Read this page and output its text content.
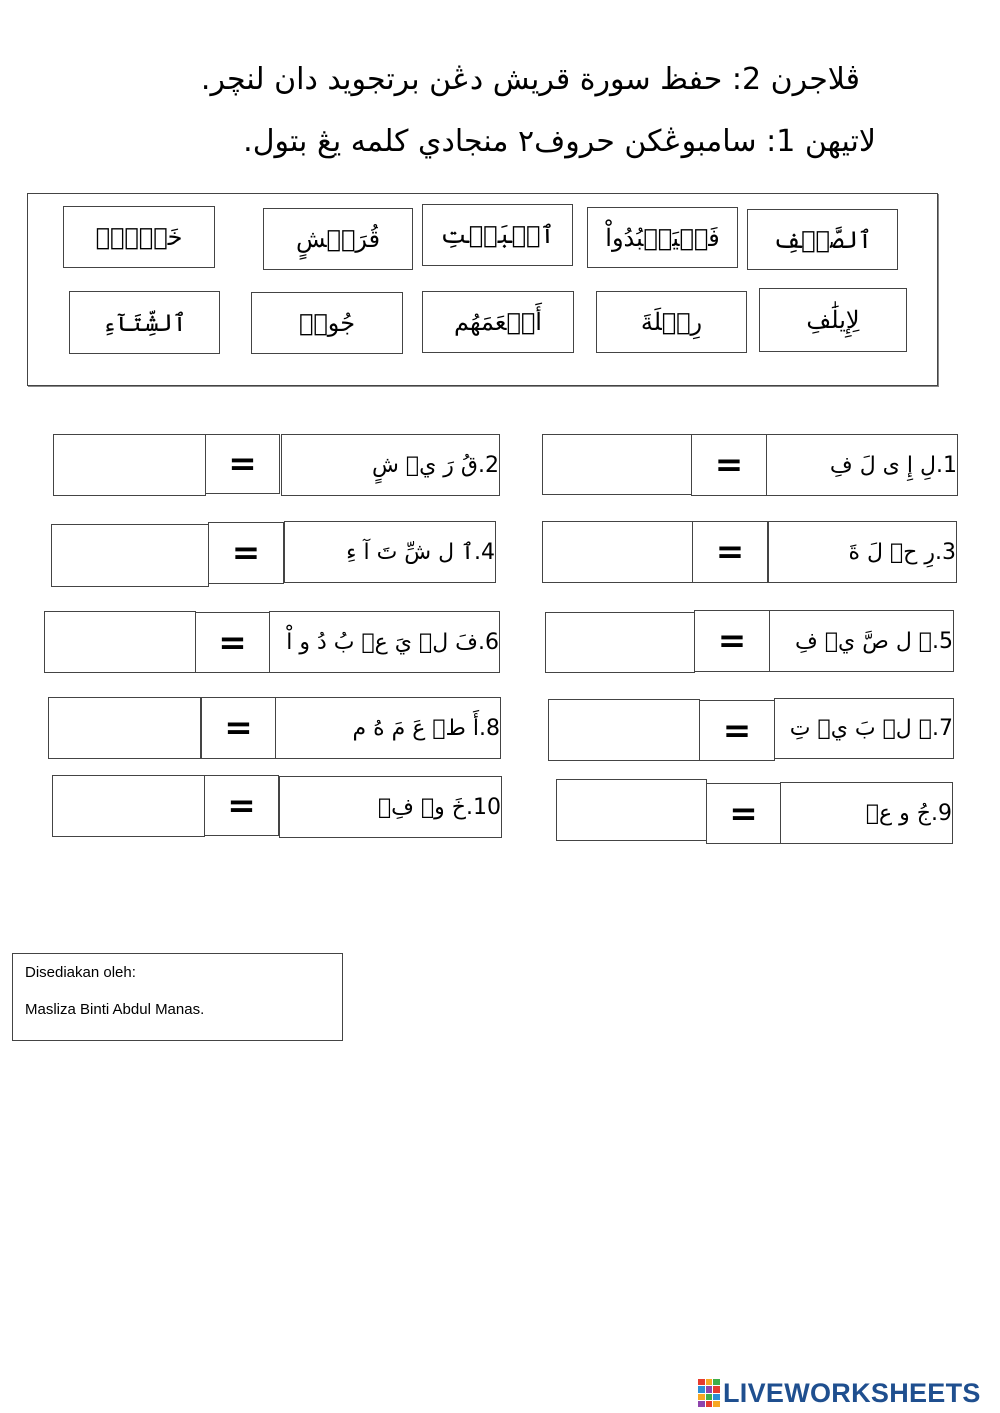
ڤلاجرن 2: حفظ سورة قريش دڠن برتجويد دان لنچر.
لاتيهن 1: سامبوڠكن حروف٢ منجادي كلمه يڠ بتول.
ٱلصَّيۡفِ
فَلۡيَعۡبُدُواْ
ٱلۡبَيۡتِ
قُرَيۡشٍ
خَوۡفِۭ
لِإِيلَٰفِ
رِحۡلَةَ
أَطۡعَمَهُم
جُوعٖ
ٱلشِّتَآءِ
1.
لِ إِ ى لَ فِ
=
2.
قُ رَ يۡ شٍ
=
3.
رِ حۡ لَ ةَ
=
4.
ٱ ل شِّ تَ آ ءِ
=
5.
ٱ ل صَّ يۡ فِ
=
6.
فَ لۡ يَ عۡ بُ دُ و اْ
=
7.
ٱ لۡ بَ يۡ تِ
=
8.
أَ طۡ عَ مَ هُ م
=
9.
جُ و عٖ
=
10.
خَ وۡ فِۭ
=
Disediakan oleh:
Masliza Binti Abdul Manas.
LIVEWORKSHEETS
